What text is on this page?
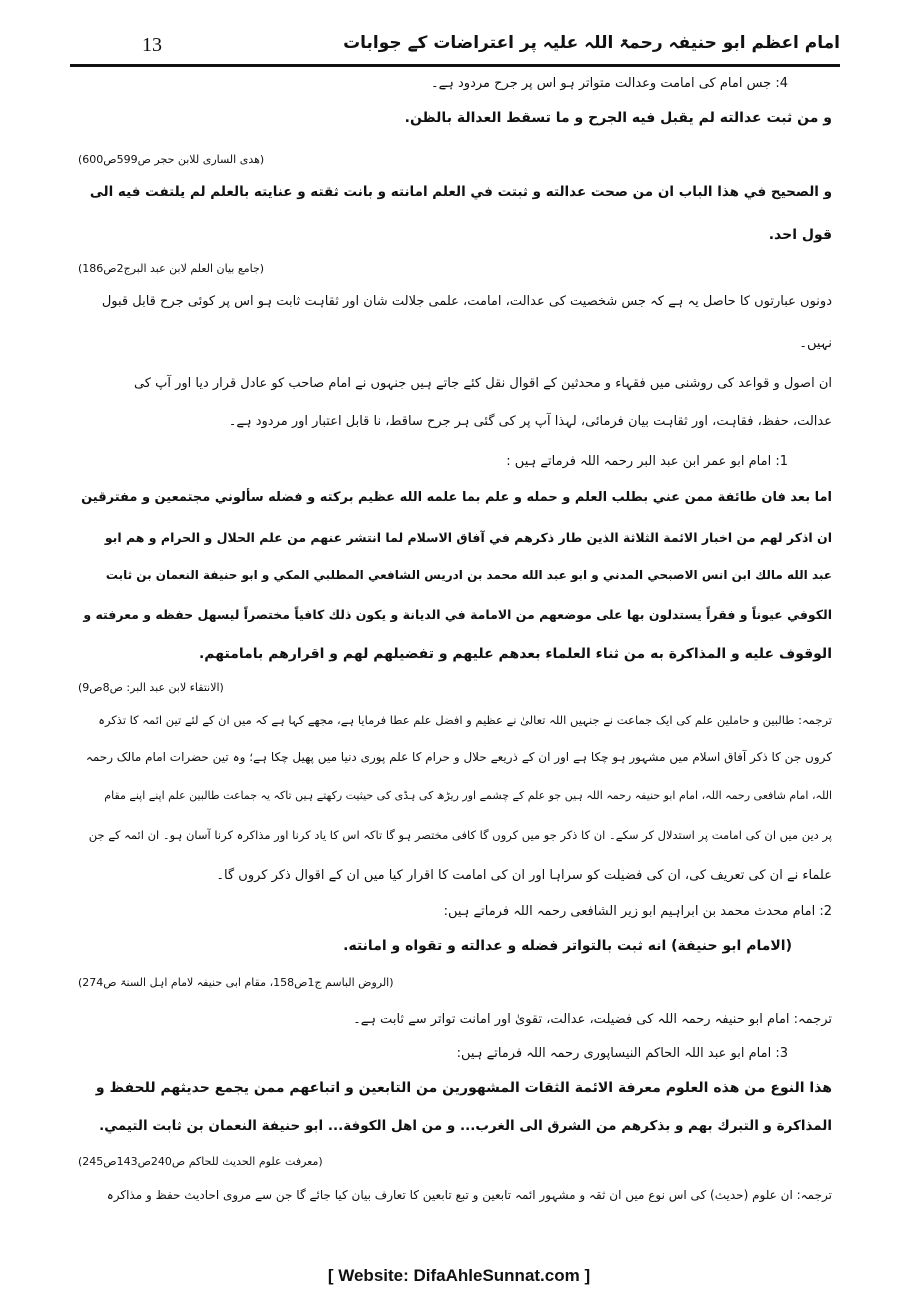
13	امام اعظم ابو حنیفہ رحمۃ اللہ علیہ پر اعتراضات کے جوابات
4: جس امام کی امامت وعدالت متواتر ہو اس پر جرح مردود ہے۔
و من ثبت عدالته لم يقبل فيه الجرح و ما تسقط العدالة بالظن.
(ھدی الساری للابن حجر ص599ص600)
و الصحيح في هذا الباب ان من صحت عدالته و ثبتت في العلم امانته و بانت ثقته و عنايته بالعلم لم يلتفت فيه الى
قول احد.
(جامع بیان العلم لابن عبد البرج2ص186)
دونوں عبارتوں کا حاصل یہ ہے کہ جس شخصیت کی عدالت، امامت، علمی جلالت شان اور ثقاہت ثابت ہو اس پر کوئی جرح قابل قبول
نہیں۔
ان اصول و قواعد کی روشنی میں فقہاء و محدثین کے اقوال نقل کئے جاتے ہیں جنہوں نے امام صاحب کو عادل قرار دیا اور آپ کی
عدالت، حفظ، فقاہت، اور ثقاہت بیان فرمائی، لہذا آپ پر کی گئی ہر جرح ساقط، نا قابل اعتبار اور مردود ہے۔
1: امام ابو عمر ابن عبد البر رحمہ اللہ فرماتے ہیں :
اما بعد فان طائفة ممن عني بطلب العلم و حمله و علم بما علمه الله عظيم بركته و فضله سألوني مجتمعين و مفترقين
ان اذكر لهم من اخبار الائمة الثلاثة الذين طار ذكرهم في آفاق الاسلام لما انتشر عنهم من علم الحلال و الحرام و هم ابو
عبد الله مالك ابن انس الاصبحي المدني و ابو عبد الله محمد بن ادريس الشافعي المطلبي المكي و ابو حنيفة النعمان بن ثابت
الكوفي عيوناً و فقراً يستدلون بها على موضعهم من الامامة في الديانة و يكون ذلك كافياً مختصراً ليسهل حفظه و معرفته و
الوقوف عليه و المذاكرة به من ثناء العلماء بعدهم عليهم و تفضيلهم لهم و اقرارهم بامامتهم.
(الانتقاء لابن عبد البر: ص8ص9)
ترجمہ: طالبین و حاملین علم کی ایک جماعت نے جنہیں اللہ تعالیٰ نے عظیم و افضل علم عطا فرمایا ہے، مجھے کہا ہے کہ میں ان کے لئے تین ائمہ کا تذکرہ
کروں جن کا ذکر آفاق اسلام میں مشہور ہو چکا ہے اور ان کے ذریعے حلال و حرام کا علم پوری دنیا میں پھیل چکا ہے؛ وہ تین حضرات امام مالک رحمہ
اللہ، امام شافعی رحمہ اللہ، امام ابو حنیفہ رحمہ اللہ ہیں جو علم کے چشمے اور ریڑھ کی ہڈی کی حیثیت رکھتے ہیں تاکہ یہ جماعت طالبین علم اپنے اپنے مقام
پر دین میں ان کی امامت پر استدلال کر سکے۔ ان کا ذکر جو میں کروں گا کافی مختصر ہو گا تاکہ اس کا یاد کرنا اور مذاکرہ کرنا آسان ہو۔ ان ائمہ کے جن
علماء نے ان کی تعریف کی، ان کی فضیلت کو سراہا اور ان کی امامت کا اقرار کیا میں ان کے اقوال ذکر کروں گا۔
2: امام محدث محمد بن ابراہیم ابو زیر الشافعی رحمہ اللہ فرماتے ہیں:
(الامام ابو حنيفة) انه ثبت بالتواتر فضله و عدالته و تقواه و امانته.
(الروض الباسم ج1ص158، مقام ابی حنیفہ لامام اہل السنۃ ص274)
ترجمہ: امام ابو حنیفہ رحمہ اللہ کی فضیلت، عدالت، تقویٰ اور امانت تواتر سے ثابت ہے۔
3: امام ابو عبد اللہ الحاکم النیساپوری رحمہ اللہ فرماتے ہیں:
هذا النوع من هذه العلوم معرفة الائمة الثقات المشهورين من التابعين و اتباعهم ممن يجمع حديثهم للحفظ و
المذاكرة و التبرك بهم و بذكرهم من الشرق الى الغرب... و من اهل الكوفة... ابو حنيفة النعمان بن ثابت التيمي.
(معرفت علوم الحدیث للحاکم ص240ص143ص245)
ترجمہ: ان علوم (حدیث) کی اس نوع میں ان ثقہ و مشہور ائمہ تابعین و تبع تابعین کا تعارف بیان کیا جائے گا جن سے مروی احادیث حفظ و مذاکرہ
[ Website: DifaAhleSunnat.com ]
